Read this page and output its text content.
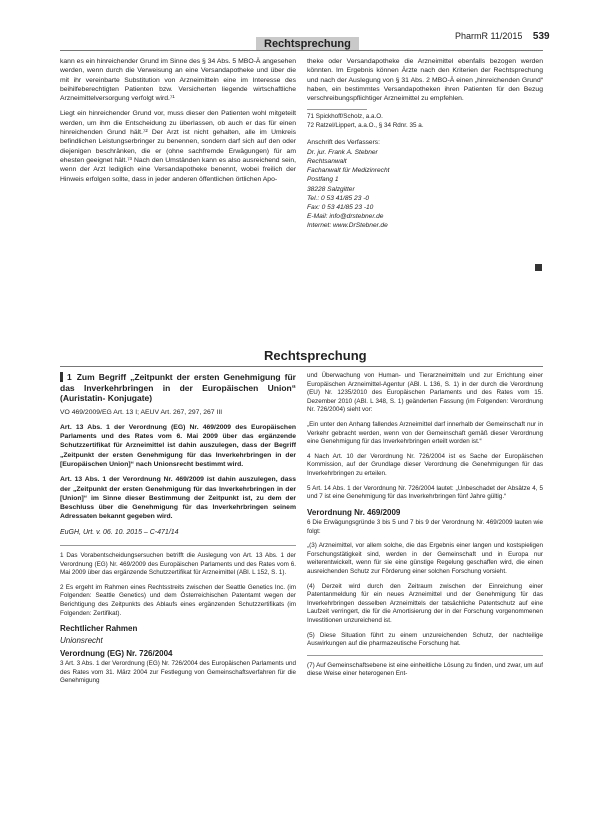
Rechtsprechung
PharmR 11/2015 539

kann es ein hinreichender Grund im Sinne des § 34 Abs. 5 MBO-Ä angesehen werden, wenn durch die Verweisung an eine Versandapotheke und über die mit ihr vereinbarte Substitution von Arzneimitteln eine im Interesse des beihilfeberechtigten Patienten bzw. Versicherten liegende wirtschaftliche Arzneimittelversorgung verfolgt wird.⁷¹

Liegt ein hinreichender Grund vor, muss dieser den Patienten wohl mitgeteilt werden, um ihm die Entscheidung zu überlassen, ob auch er das für einen hinreichenden Grund hält.⁷² Der Arzt ist nicht gehalten, alle im Umkreis befindlichen Leistungserbringer zu benennen, sondern darf sich auf den oder diejenigen beschränken, die er (ohne sachfremde Erwägungen) für am ehesten geeignet hält.⁷³ Nach den Umständen kann es also ausreichend sein, wenn der Arzt lediglich eine Versandapotheke benennt, wobei freilich der Hinweis erfolgen sollte, dass in jeder anderen öffentlichen örtlichen Apo-

theke oder Versandapotheke die Arzneimittel ebenfalls bezogen werden könnten. Im Ergebnis können Ärzte nach den Kriterien der Rechtsprechung und nach der Auslegung von § 31 Abs. 2 MBO-Ä einen „hinreichenden Grund“ haben, ein bestimmtes Versandapotheken ihren Patienten für den Bezug verschreibungspflichtiger Arzneimittel zu empfehlen.

71 Spickhoff/Scholz, a.a.O.
72 Ratzel/Lippert, a.a.O., § 34 Rdnr. 35 a.
Anschrift des Verfassers:
Dr. jur. Frank A. Stebner
Rechtsanwalt
Fachanwalt für Medizinrecht
Postfang 1
38228 Salzgitter
Tel.: 0 53 41/85 23 -0
Fax: 0 53 41/85 23 -10
E-Mail: info@drstebner.de
Internet: www.DrStebner.de
Rechtsprechung
1 Zum Begriff „Zeitpunkt der ersten Genehmigung für das Inverkehrbringen in der Europäischen Union“ (Auristatin- Konjugate)
VO 469/2009/EG Art. 13 I; AEUV Art. 267, 297, 267 III

Art. 13 Abs. 1 der Verordnung (EG) Nr. 469/2009 des Europäischen Parlaments und des Rates vom 6. Mai 2009 über das ergänzende Schutzzertifikat für Arzneimittel ist dahin auszulegen, dass der Begriff „Zeitpunkt der ersten Genehmigung für das Inverkehrbringen in der [Europäischen Union]“ nach Unionsrecht bestimmt wird.

Art. 13 Abs. 1 der Verordnung Nr. 469/2009 ist dahin auszulegen, dass der „Zeitpunkt der ersten Genehmigung für das Inverkehrbringen in der [Union]“ im Sinne dieser Bestimmung der Zeitpunkt ist, zu dem der Beschluss über die Genehmigung für das Inverkehrbringen seinem Adressaten bekannt gegeben wird.

EuGH, Urt. v. 06. 10. 2015 – C-471/14

1 Das Vorabentscheidungsersuchen betrifft die Auslegung von Art. 13 Abs. 1 der Verordnung (EG) Nr. 469/2009 des Europäischen Parlaments und des Rates vom 6. Mai 2009 über das ergänzende Schutzzertifikat für Arzneimittel (ABl. L 152, S. 1).

2 Es ergeht im Rahmen eines Rechtsstreits zwischen der Seattle Genetics Inc. (im Folgenden: Seattle Genetics) und dem Österreichischen Patentamt wegen der Berichtigung des Zeitpunkts des Ablaufs eines ergänzenden Schutzzertifikats (im Folgenden: Zertifikat).

Rechtlicher Rahmen
Unionsrecht
Verordnung (EG) Nr. 726/2004

3 Art. 3 Abs. 1 der Verordnung (EG) Nr. 726/2004 des Europäischen Parlaments und des Rates vom 31. März 2004 zur Festlegung von Gemeinschaftsverfahren für die Genehmigung

und Überwachung von Human- und Tierarzneimitteln und zur Errichtung einer Europäischen Arzneimittel-Agentur (ABl. L 136, S. 1) in der durch die Verordnung (EU) Nr. 1235/2010 des Europäischen Parlaments und des Rates vom 15. Dezember 2010 (ABl. L 348, S. 1) geänderten Fassung (im Folgenden: Verordnung Nr. 726/2004) sieht vor:

„Ein unter den Anhang fallendes Arzneimittel darf innerhalb der Gemeinschaft nur in Verkehr gebracht werden, wenn von der Gemeinschaft gemäß dieser Verordnung eine Genehmigung für das Inverkehrbringen erteilt worden ist.“

4 Nach Art. 10 der Verordnung Nr. 726/2004 ist es Sache der Europäischen Kommission, auf der Grundlage dieser Verordnung die Genehmigungen für das Inverkehrbringen zu erteilen.

5 Art. 14 Abs. 1 der Verordnung Nr. 726/2004 lautet: „Unbeschadet der Absätze 4, 5 und 7 ist eine Genehmigung für das Inverkehrbringen fünf Jahre gültig.“

Verordnung Nr. 469/2009

6 Die Erwägungsgründe 3 bis 5 und 7 bis 9 der Verordnung Nr. 469/2009 lauten wie folgt:

„(3) Arzneimittel, vor allem solche, die das Ergebnis einer langen und kostspieligen Forschungstätigkeit sind, werden in der Gemeinschaft und in Europa nur weiterentwickelt, wenn für sie eine günstige Regelung geschaffen wird, die einen ausreichenden Schutz zur Förderung einer solchen Forschung vorsieht.

(4) Derzeit wird durch den Zeitraum zwischen der Einreichung einer Patentanmeldung für ein neues Arzneimittel und der Genehmigung für das Inverkehrbringen desselben Arzneimittels der tatsächliche Patentschutz auf eine Laufzeit verringert, die für die Amortisierung der in der Forschung vorgenommenen Investitionen unzureichend ist.

(5) Diese Situation führt zu einem unzureichenden Schutz, der nachteilige Auswirkungen auf die pharmazeutische Forschung hat.

(7) Auf Gemeinschaftsebene ist eine einheitliche Lösung zu finden, und zwar, um auf diese Weise einer heterogenen Ent-
